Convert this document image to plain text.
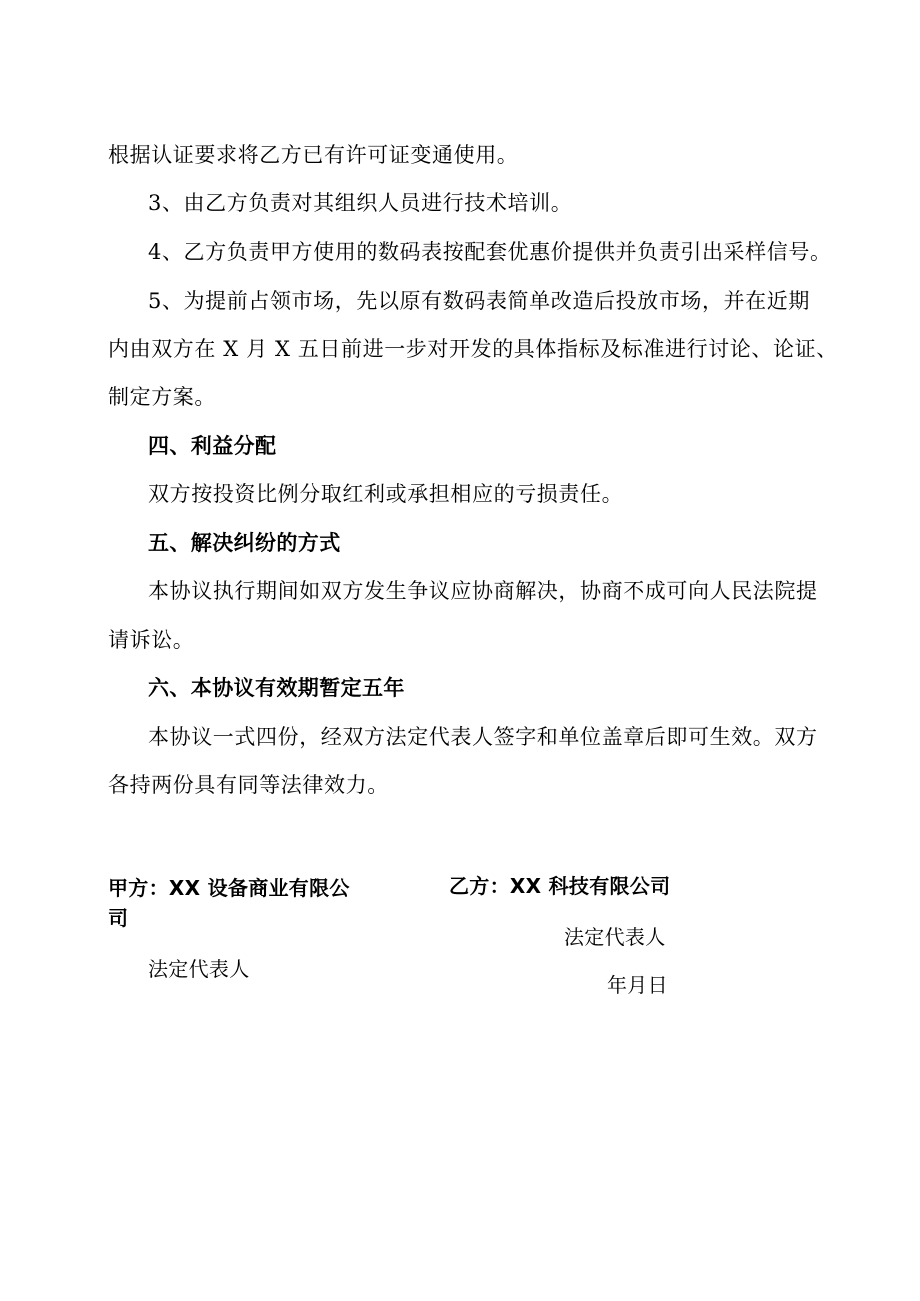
根据认证要求将乙方已有许可证变通使用。
3、由乙方负责对其组织人员进行技术培训。
4、乙方负责甲方使用的数码表按配套优惠价提供并负责引出采样信号。
5、为提前占领市场，先以原有数码表简单改造后投放市场，并在近期
内由双方在 X 月 X 五日前进一步对开发的具体指标及标准进行讨论、论证、
制定方案。
四、利益分配
双方按投资比例分取红利或承担相应的亏损责任。
五、解决纠纷的方式
本协议执行期间如双方发生争议应协商解决，协商不成可向人民法院提
请诉讼。
六、本协议有效期暂定五年
本协议一式四份，经双方法定代表人签字和单位盖章后即可生效。双方
各持两份具有同等法律效力。
甲方：XX 设备商业有限公
司
法定代表人
乙方：XX 科技有限公司
法定代表人
年月日
